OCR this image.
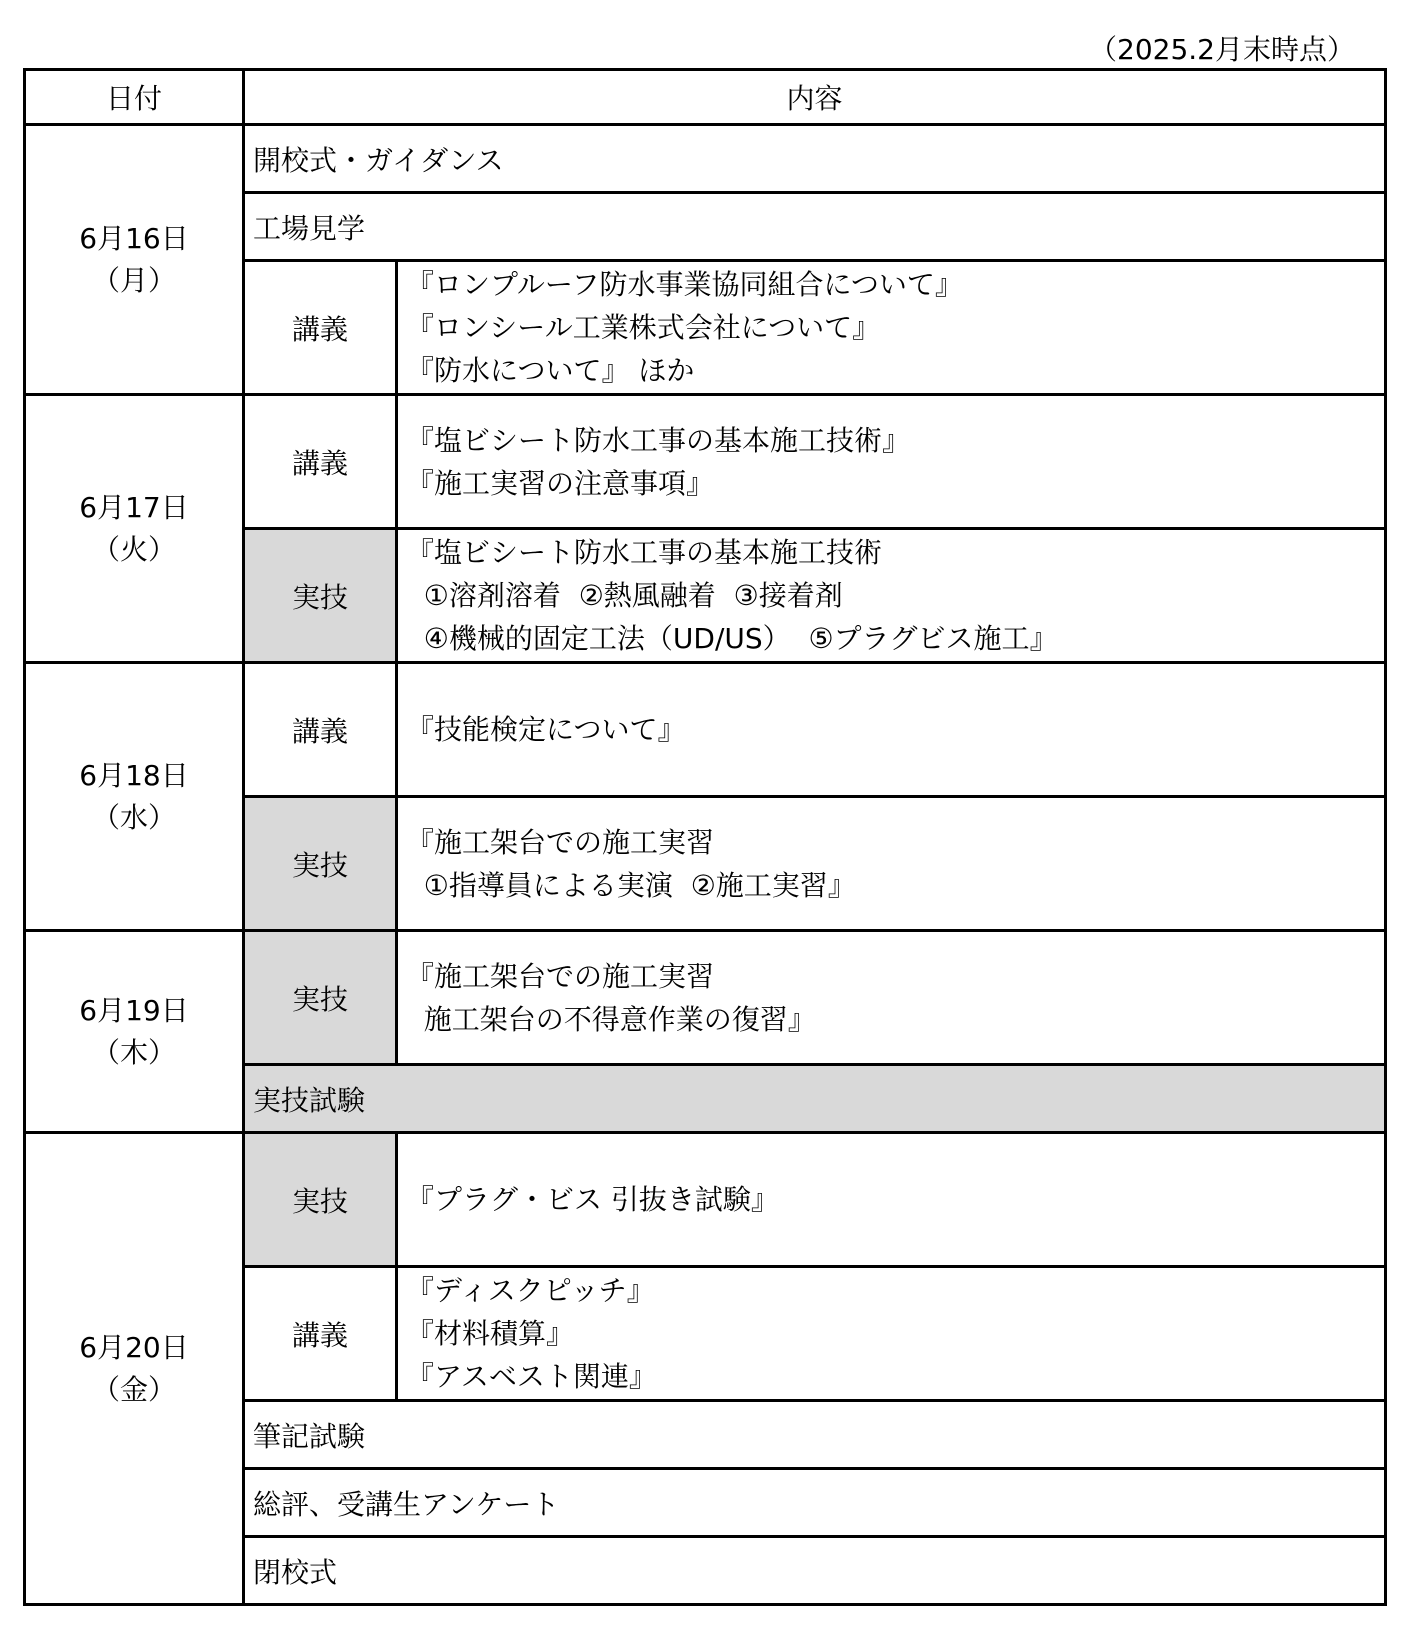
（2025.2月末時点）
日付	内容	

6月16日
（月）	開校式・ガイダンス	
	工場見学	
	講義	『ロンプルーフ防水事業協同組合について』
『ロンシール工業株式会社について』
『防水について』 ほか

6月17日
（火）	講義	『塩ビシート防水工事の基本施工技術』
『施工実習の注意事項』

	実技	『塩ビシート防水工事の基本施工技術
①溶剤溶着  ②熱風融着  ③接着剤
④機械的固定工法（UD/US）  ⑤プラグビス施工』

6月18日
（水）	講義	『技能検定について』

	実技	『施工架台での施工実習
①指導員による実演  ②施工実習』

6月19日
（木）	実技	『施工架台での施工実習
施工架台の不得意作業の復習』

	実技試験	

6月20日
（金）	実技	『プラグ・ビス 引抜き試験』

	講義	『ディスクピッチ』
『材料積算』
『アスベスト関連』

	筆記試験	
	総評、受講生アンケート	
	閉校式	
